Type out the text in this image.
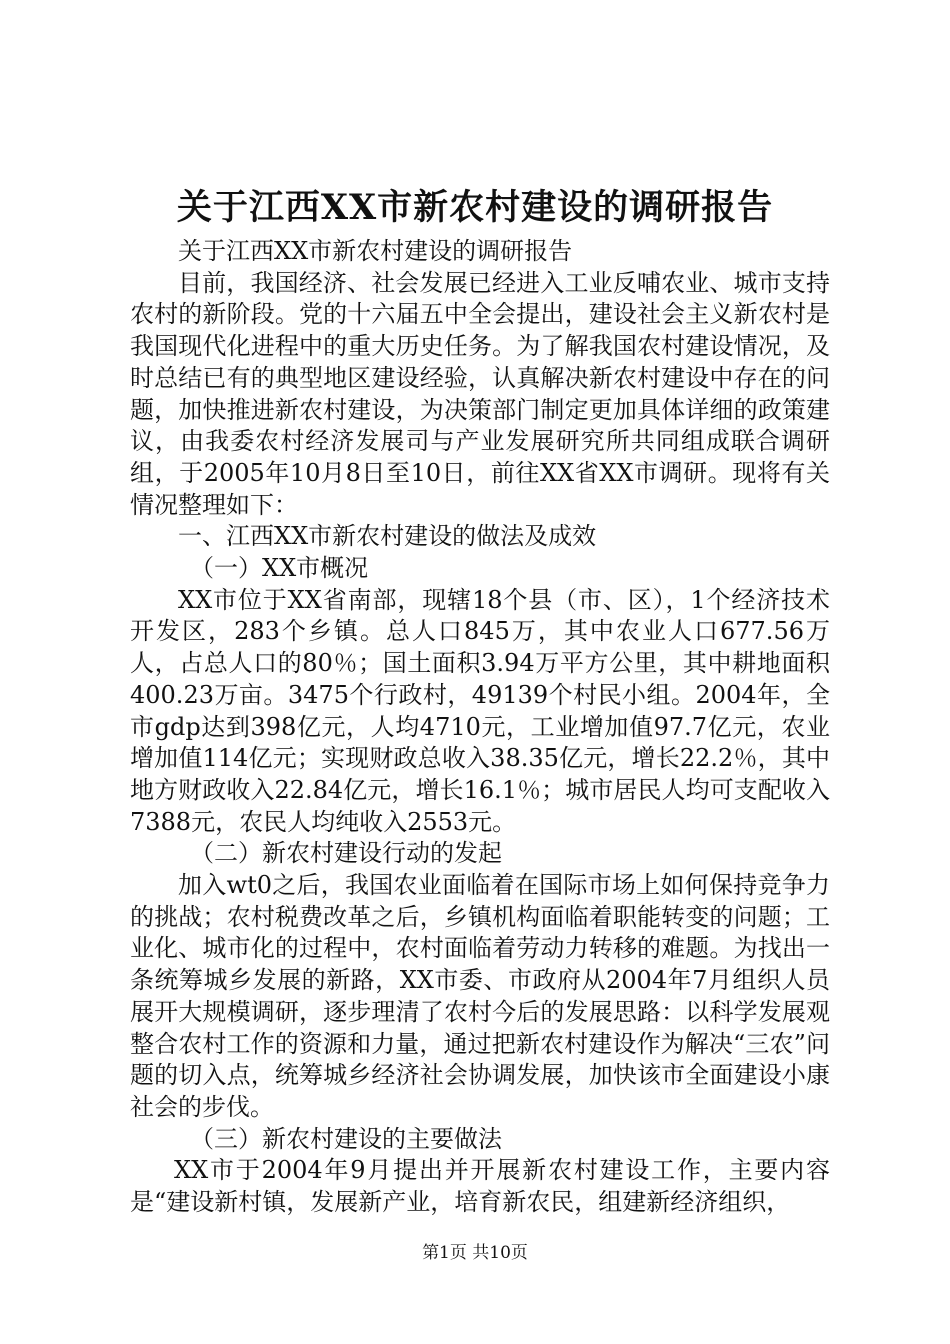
关于江西XX市新农村建设的调研报告

关于江西XX市新农村建设的调研报告

目前，我国经济、社会发展已经进入工业反哺农业、城市支持农村的新阶段。党的十六届五中全会提出，建设社会主义新农村是我国现代化进程中的重大历史任务。为了解我国农村建设情况，及时总结已有的典型地区建设经验，认真解决新农村建设中存在的问题，加快推进新农村建设，为决策部门制定更加具体详细的政策建议，由我委农村经济发展司与产业发展研究所共同组成联合调研组，于2005年10月8日至10日，前往XX省XX市调研。现将有关情况整理如下：

一、江西XX市新农村建设的做法及成效

（一）XX市概况

XX市位于XX省南部，现辖18个县（市、区），1个经济技术开发区，283个乡镇。总人口845万，其中农业人口677.56万人，占总人口的80％；国土面积3.94万平方公里，其中耕地面积400.23万亩。3475个行政村，49139个村民小组。2004年，全市gdp达到398亿元，人均4710元，工业增加值97.7亿元，农业增加值114亿元；实现财政总收入38.35亿元，增长22.2％，其中地方财政收入22.84亿元，增长16.1％；城市居民人均可支配收入7388元，农民人均纯收入2553元。

（二）新农村建设行动的发起

加入wt0之后，我国农业面临着在国际市场上如何保持竞争力的挑战；农村税费改革之后，乡镇机构面临着职能转变的问题；工业化、城市化的过程中，农村面临着劳动力转移的难题。为找出一条统筹城乡发展的新路，XX市委、市政府从2004年7月组织人员展开大规模调研，逐步理清了农村今后的发展思路：以科学发展观整合农村工作的资源和力量，通过把新农村建设作为解决“三农”问题的切入点，统筹城乡经济社会协调发展，加快该市全面建设小康社会的步伐。

（三）新农村建设的主要做法

XX市于2004年9月提出并开展新农村建设工作，主要内容是“建设新村镇，发展新产业，培育新农民，组建新经济组织，

第1页 共10页
